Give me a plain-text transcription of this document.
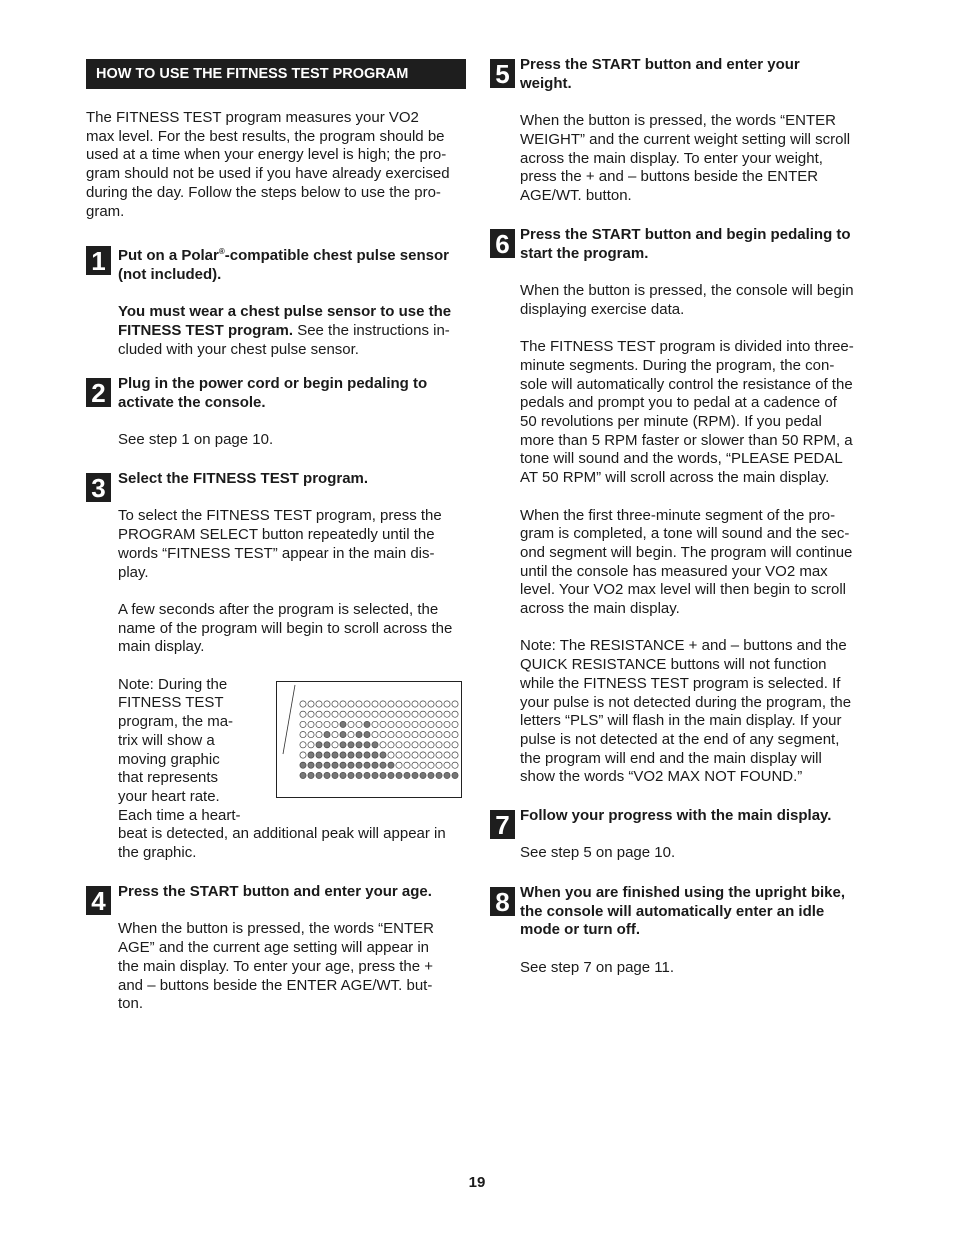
HOW TO USE THE FITNESS TEST PROGRAM

The FITNESS TEST program measures your VO2

max level. For the best results, the program should be

used at a time when your energy level is high; the pro-

gram should not be used if you have already exercised

during the day. Follow the steps below to use the pro-

gram.

1 Put on a Polar®-compatible chest pulse sensor

(not included).

You must wear a chest pulse sensor to use the

FITNESS TEST program. See the instructions in-

cluded with your chest pulse sensor.

2 Plug in the power cord or begin pedaling to

activate the console.

See step 1 on page 10.

3 Select the FITNESS TEST program.

To select the FITNESS TEST program, press the

PROGRAM SELECT button repeatedly until the

words “FITNESS TEST” appear in the main dis-

play.

A few seconds after the program is selected, the

name of the program will begin to scroll across the

main display.

Note: During the

FITNESS TEST

program, the ma-

trix will show a

moving graphic

that represents

your heart rate.

Each time a heart-

beat is detected, an additional peak will appear in

the graphic.

4 Press the START button and enter your age.

When the button is pressed, the words “ENTER

AGE” and the current age setting will appear in

the main display. To enter your age, press the +

and – buttons beside the ENTER AGE/WT. but-

ton.

5 Press the START button and enter your

weight.

When the button is pressed, the words “ENTER

WEIGHT” and the current weight setting will scroll

across the main display. To enter your weight,

press the + and – buttons beside the ENTER

AGE/WT. button.

6 Press the START button and begin pedaling to

start the program.

When the button is pressed, the console will begin

displaying exercise data.

The FITNESS TEST program is divided into three-

minute segments. During the program, the con-

sole will automatically control the resistance of the

pedals and prompt you to pedal at a cadence of

50 revolutions per minute (RPM). If you pedal

more than 5 RPM faster or slower than 50 RPM, a

tone will sound and the words, “PLEASE PEDAL

AT 50 RPM” will scroll across the main display.

When the first three-minute segment of the pro-

gram is completed, a tone will sound and the sec-

ond segment will begin. The program will continue

until the console has measured your VO2 max

level. Your VO2 max level will then begin to scroll

across the main display.

Note: The RESISTANCE + and – buttons and the

QUICK RESISTANCE buttons will not function

while the FITNESS TEST program is selected. If

your pulse is not detected during the program, the

letters “PLS” will flash in the main display. If your

pulse is not detected at the end of any segment,

the program will end and the main display will

show the words “VO2 MAX NOT FOUND.”

7 Follow your progress with the main display.

See step 5 on page 10.

8 When you are finished using the upright bike,

the console will automatically enter an idle

mode or turn off.

See step 7 on page 11.

19
